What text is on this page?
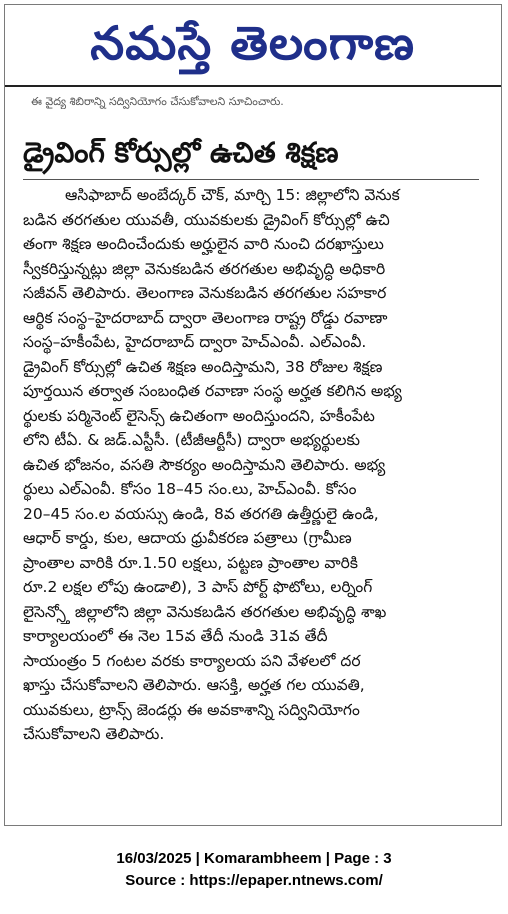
నమస్తే తెలంగాణ
ఈ వైద్య శిబిరాన్ని సద్వినియోగం చేసుకోవాలని సూచించారు.
డ్రైవింగ్ కోర్సుల్లో ఉచిత శిక్షణ
ఆసిఫాబాద్ అంబేద్కర్ చౌక్, మార్చి 15: జిల్లాలోని వెనుక
బడిన తరగతుల యువతీ, యువకులకు డ్రైవింగ్ కోర్సుల్లో ఉచి
తంగా శిక్షణ అందించేందుకు అర్హులైన వారి నుంచి దరఖాస్తులు
స్వీకరిస్తున్నట్లు జిల్లా వెనుకబడిన తరగతుల అభివృద్ధి అధికారి
సజీవన్ తెలిపారు. తెలంగాణ వెనుకబడిన తరగతుల సహకార
ఆర్థిక సంస్థ–హైదరాబాద్ ద్వారా తెలంగాణ రాష్ట్ర రోడ్డు రవాణా
సంస్థ–హకీంపేట, హైదరాబాద్ ద్వారా హెచ్ఎంవీ. ఎల్ఎంవీ.
డ్రైవింగ్ కోర్సుల్లో ఉచిత శిక్షణ అందిస్తామని, 38 రోజుల శిక్షణ
పూర్తయిన తర్వాత సంబంధిత రవాణా సంస్థ అర్హత కలిగిన అభ్య
ర్థులకు పర్మినెంట్ లైసెన్స్ ఉచితంగా అందిస్తుందని, హకీంపేట
లోని టీఏ. & జడ్.ఎస్టీసీ. (టీజీఆర్టీసీ) ద్వారా అభ్యర్థులకు
ఉచిత భోజనం, వసతి సౌకర్యం అందిస్తామని తెలిపారు. అభ్య
ర్థులు ఎల్ఎంవీ. కోసం 18–45 సం.లు, హెచ్ఎంవీ. కోసం
20–45 సం.ల వయస్సు ఉండి, 8వ తరగతి ఉత్తీర్ణులై ఉండి,
ఆధార్ కార్డు, కుల, ఆదాయ ధ్రువీకరణ పత్రాలు (గ్రామీణ
ప్రాంతాల వారికి రూ.1.50 లక్షలు, పట్టణ ప్రాంతాల వారికి
రూ.2 లక్షల లోపు ఉండాలి), 3 పాస్ పోర్ట్ ఫొటోలు, లర్నింగ్
లైసెన్స్తో జిల్లాలోని జిల్లా వెనుకబడిన తరగతుల అభివృద్ధి శాఖ
కార్యాలయంలో ఈ నెల 15వ తేదీ నుండి 31వ తేదీ
సాయంత్రం 5 గంటల వరకు కార్యాలయ పని వేళలలో దర
ఖాస్తు చేసుకోవాలని తెలిపారు. ఆసక్తి, అర్హత గల యువతి,
యువకులు, ట్రాన్స్ జెండర్లు ఈ అవకాశాన్ని సద్వినియోగం
చేసుకోవాలని తెలిపారు.
16/03/2025 | Komarambheem | Page : 3
Source : https://epaper.ntnews.com/
